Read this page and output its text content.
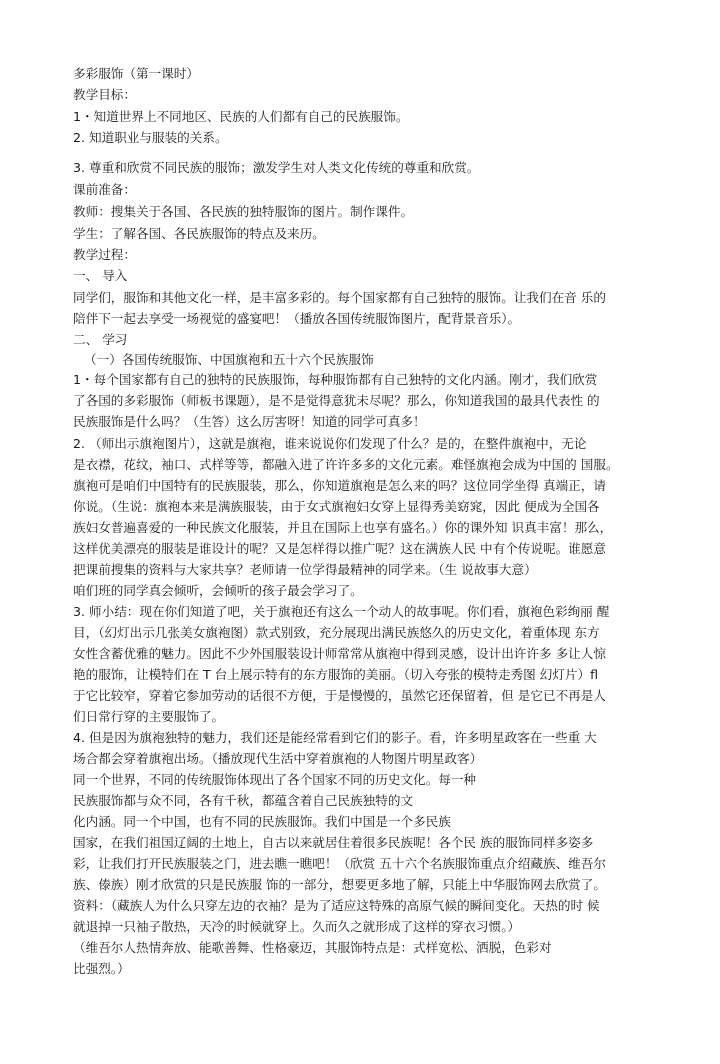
多彩服饰（第一课时）
教学目标：
1・知道世界上不同地区、民族的人们都有自己的民族服饰。
2. 知道职业与服装的关系。
3. 尊重和欣赏不同民族的服饰；激发学生对人类文化传统的尊重和欣赏。
课前准备：
教师：搜集关于各国、各民族的独特服饰的图片。制作课件。
学生：了解各国、各民族服饰的特点及来历。
教学过程：
一、 导入
同学们，服饰和其他文化一样，是丰富多彩的。每个国家都有自己独特的服饰。让我们在音 乐的
陪伴下一起去享受一场视觉的盛宴吧！（播放各国传统服饰图片，配背景音乐）。
二、 学习
（一）各国传统服饰、中国旗袍和五十六个民族服饰
1・每个国家都有自己的独特的民族服饰，每种服饰都有自己独特的文化内涵。刚才，我们欣赏
了各国的多彩服饰（师板书课题），是不是觉得意犹未尽呢？那么，你知道我国的最具代表性 的
民族服饰是什么吗？（生答）这么厉害呀！知道的同学可真多！
2. （师出示旗袍图片），这就是旗袍，谁来说说你们发现了什么？是的，在整件旗袍中，无论
是衣襟，花纹，袖口、式样等等，都融入进了许许多多的文化元素。难怪旗袍会成为中国的 国服。
旗袍可是咱们中国特有的民族服装，那么，你知道旗袍是怎么来的吗？这位同学坐得 真端正，请
你说。（生说：旗袍本来是满族服装，由于女式旗袍妇女穿上显得秀美窈窕，因此 便成为全国各
族妇女普遍喜爱的一种民族文化服装，并且在国际上也享有盛名。）你的课外知 识真丰富！那么，
这样优美漂亮的服装是谁设计的呢？又是怎样得以推广呢？这在满族人民 中有个传说呢。谁愿意
把课前搜集的资料与大家共享？老师请一位学得最精神的同学来。（生 说故事大意）
咱们班的同学真会倾听，会倾听的孩子最会学习了。
3. 师小结：现在你们知道了吧，关于旗袍还有这么一个动人的故事呢。你们看，旗袍色彩绚丽 醒
目，（幻灯出示几张美女旗袍图）款式别致，充分展现出满民族悠久的历史文化，着重体现 东方
女性含蓄优雅的魅力。因此不少外国服装设计师常常从旗袍中得到灵感，设计出许许多 多让人惊
艳的服饰，让模特们在 T 台上展示特有的东方服饰的美丽。（切入夸张的模特走秀图 幻灯片）fl
于它比较窄，穿着它参加劳动的话很不方便，于是慢慢的，虽然它还保留着，但 是它已不再是人
们日常行穿的主要服饰了。
4. 但是因为旗袍独特的魅力，我们还是能经常看到它们的影子。看，许多明星政客在一些重 大
场合都会穿着旗袍出场。（播放现代生活中穿着旗袍的人物图片明星政客）
同一个世界，不同的传统服饰体现出了各个国家不同的历史文化。每一种
民族服饰都与众不同，各有千秋，都蕴含着自己民族独特的文
化内涵。同一个中国，也有不同的民族服饰。我们中国是一个多民族
国家，在我们祖国辽阔的土地上，自古以来就居住着很多民族呢！各个民 族的服饰同样多姿多
彩，让我们打开民族服装之门，进去瞧一瞧吧！（欣赏 五十六个名族服饰重点介绍藏族、维吾尔
族、傣族）刚才欣赏的只是民族服 饰的一部分，想要更多地了解，只能上中华服饰网去欣赏了。
资料：（藏族人为什么只穿左边的衣袖？是为了适应这特殊的高原气候的瞬间变化。天热的时 候
就退掉一只袖子散热，天冷的时候就穿上。久而久之就形成了这样的穿衣习惯。）
（维吾尔人热情奔放、能歌善舞、性格豪迈，其服饰特点是：式样宽松、洒脱，色彩对
比强烈。）
